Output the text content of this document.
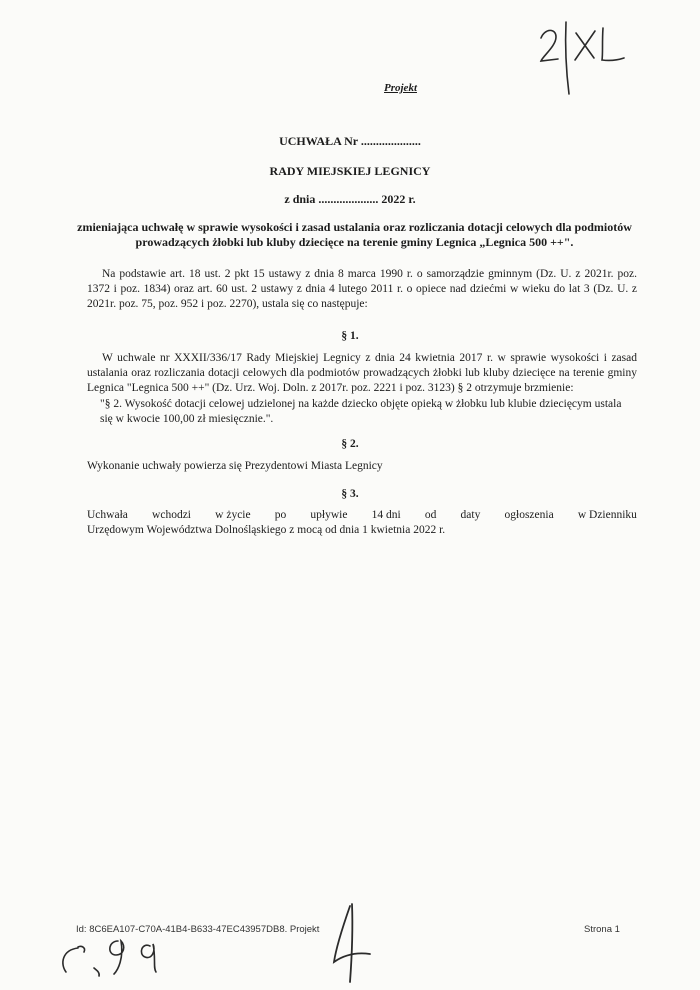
Projekt
UCHWAŁA Nr ....................
RADY MIEJSKIEJ LEGNICY
z dnia .................... 2022 r.
zmieniająca uchwałę w sprawie wysokości i zasad ustalania oraz rozliczania dotacji celowych dla podmiotów prowadzących żłobki lub kluby dziecięce na terenie gminy Legnica „Legnica 500 ++".
Na podstawie art. 18 ust. 2 pkt 15 ustawy z dnia 8 marca 1990 r. o samorządzie gminnym (Dz. U. z 2021r. poz. 1372 i poz. 1834) oraz art. 60 ust. 2 ustawy z dnia 4 lutego 2011 r. o opiece nad dziećmi w wieku do lat 3 (Dz. U. z 2021r. poz. 75, poz. 952 i poz. 2270), ustala się co następuje:
§ 1.
W uchwale nr XXXII/336/17 Rady Miejskiej Legnicy z dnia 24 kwietnia 2017 r. w sprawie wysokości i zasad ustalania oraz rozliczania dotacji celowych dla podmiotów prowadzących żłobki lub kluby dziecięce na terenie gminy Legnica "Legnica 500 ++" (Dz. Urz. Woj. Doln. z 2017r. poz. 2221 i poz. 3123) § 2 otrzymuje brzmienie:
"§ 2. Wysokość dotacji celowej udzielonej na każde dziecko objęte opieką w żłobku lub klubie dziecięcym ustala się w kwocie 100,00 zł miesięcznie.".
§ 2.
Wykonanie uchwały powierza się Prezydentowi Miasta Legnicy
§ 3.
Uchwała wchodzi w życie po upływie 14 dni od daty ogłoszenia w Dzienniku
Urzędowym Województwa Dolnośląskiego z mocą od dnia 1 kwietnia 2022 r.
Id: 8C6EA107-C70A-41B4-B633-47EC43957DB8. Projekt	Strona 1
